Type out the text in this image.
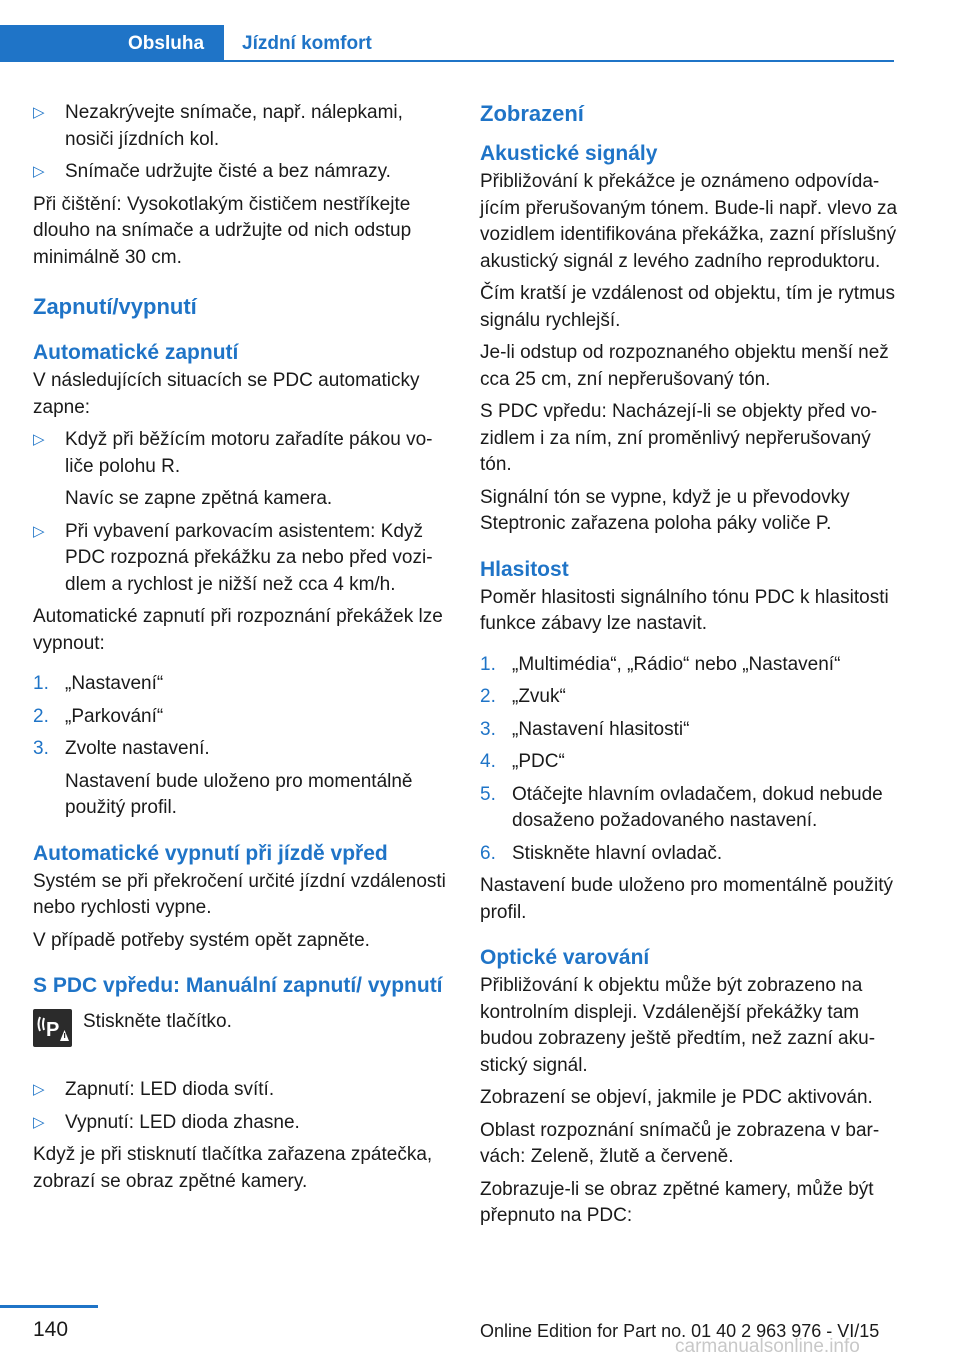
Obsluha	Jízdní komfort
▷ Nezakrývejte snímače, např. nálepkami, nosiči jízdních kol.
▷ Snímače udržujte čisté a bez námrazy.

Při čištění: Vysokotlakým čističem nestříkejte dlouho na snímače a udržujte od nich odstup minimálně 30 cm.

Zapnutí/vypnutí
Automatické zapnutí

V následujících situacích se PDC automaticky zapne:

▷ Když při běžícím motoru zařadíte pákou voliče polohu R.
Navíc se zapne zpětná kamera.
▷ Při vybavení parkovacím asistentem: Když PDC rozpozná překážku za nebo před vozidlem a rychlost je nižší než cca 4 km/h.

Automatické zapnutí při rozpoznání překážek lze vypnout:

1. „Nastavení“
2. „Parkování“
3. Zvolte nastavení.
Nastavení bude uloženo pro momentálně použitý profil.
Automatické vypnutí při jízdě vpřed

Systém se při překročení určité jízdní vzdálenosti nebo rychlosti vypne.

V případě potřeby systém opět zapněte.

S PDC vpředu: Manuální zapnutí/ vypnutí
P Stiskněte tlačítko.
▷ Zapnutí: LED dioda svítí.
▷ Vypnutí: LED dioda zhasne.

Když je při stisknutí tlačítka zařazena zpátečka, zobrazí se obraz zpětné kamery.

Zobrazení
Akustické signály

Přibližování k překážce je oznámeno odpovídajícím přerušovaným tónem. Bude-li např. vlevo za vozidlem identifikována překážka, zazní příslušný akustický signál z levého zadního reproduktoru.

Čím kratší je vzdálenost od objektu, tím je rytmus signálu rychlejší.

Je-li odstup od rozpoznaného objektu menší než cca 25 cm, zní nepřerušovaný tón.

S PDC vpředu: Nacházejí-li se objekty před vozidlem i za ním, zní proměnlivý nepřerušovaný tón.

Signální tón se vypne, když je u převodovky Steptronic zařazena poloha páky voliče P.

Hlasitost

Poměr hlasitosti signálního tónu PDC k hlasitosti funkce zábavy lze nastavit.

1. „Multimédia“, „Rádio“ nebo „Nastavení“
2. „Zvuk“
3. „Nastavení hlasitosti“
4. „PDC“
5. Otáčejte hlavním ovladačem, dokud nebude dosaženo požadovaného nastavení.
6. Stiskněte hlavní ovladač.

Nastavení bude uloženo pro momentálně použitý profil.

Optické varování

Přibližování k objektu může být zobrazeno na kontrolním displeji. Vzdálenější překážky tam budou zobrazeny ještě předtím, než zazní akustický signál.

Zobrazení se objeví, jakmile je PDC aktivován.

Oblast rozpoznání snímačů je zobrazena v barvách: Zeleně, žlutě a červeně.

Zobrazuje-li se obraz zpětné kamery, může být přepnuto na PDC:

140	Online Edition for Part no. 01 40 2 963 976 - VI/15
carmanualsonline.info
